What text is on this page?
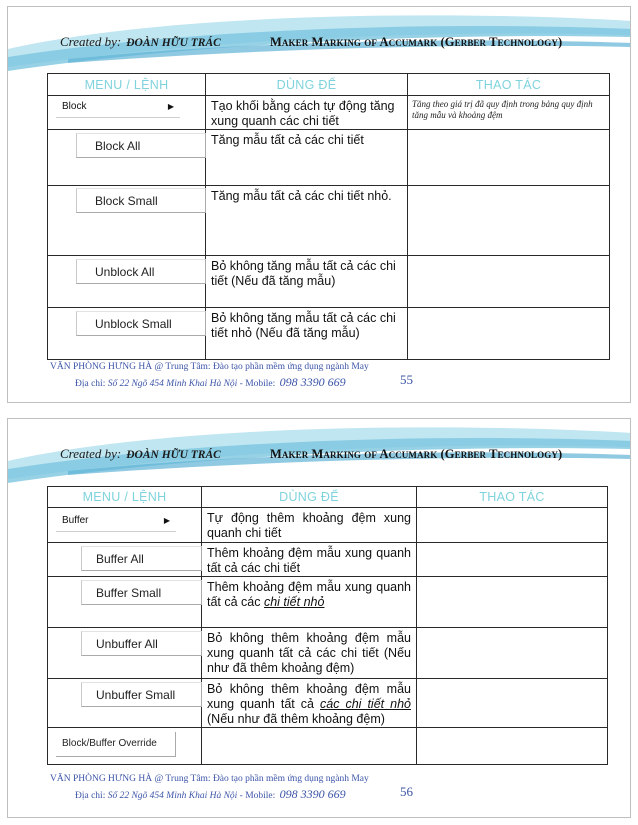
Created by: ĐOÀN HỮU TRÁC	Maker Marking of Accumark (Gerber Technology)
MENU / LỆNH	DÙNG ĐỂ	THAO TÁC

Block ▶	Tạo khối bằng cách tự động tăng xung quanh các chi tiết	Tăng theo giá trị đã quy định trong bảng quy định tăng mẫu và khoảng đệm

Block All	Tăng mẫu tất cả các chi tiết	

Block Small	Tăng mẫu tất cả các chi tiết nhỏ.	

Unblock All	Bỏ không tăng mẫu tất cả các chi tiết (Nếu đã tăng mẫu)	

Unblock Small	Bỏ không tăng mẫu tất cả các chi tiết nhỏ (Nếu đã tăng mẫu)	
VĂN PHÒNG HƯNG HÀ @ Trung Tâm: Đào tạo phần mềm ứng dụng ngành May
Địa chỉ: Số 22 Ngõ 454 Minh Khai Hà Nội - Mobile: 098 3390 669	55
Created by: ĐOÀN HỮU TRÁC	Maker Marking of Accumark (Gerber Technology)
MENU / LỆNH	DÙNG ĐỂ	THAO TÁC

Buffer ▶	Tự động thêm khoảng đệm xung quanh chi tiết	

Buffer All	Thêm khoảng đệm mẫu xung quanh tất cả các chi tiết	

Buffer Small	Thêm khoảng đệm mẫu xung quanh tất cả các chi tiết nhỏ	

Unbuffer All	Bỏ không thêm khoảng đệm mẫu xung quanh tất cả các chi tiết (Nếu như đã thêm khoảng đệm)	

Unbuffer Small	Bỏ không thêm khoảng đệm mẫu xung quanh tất cả các chi tiết nhỏ (Nếu như đã thêm khoảng đệm)	

Block/Buffer Override		

VĂN PHÒNG HƯNG HÀ @ Trung Tâm: Đào tạo phần mềm ứng dụng ngành May
Địa chỉ: Số 22 Ngõ 454 Minh Khai Hà Nội - Mobile: 098 3390 669	56
